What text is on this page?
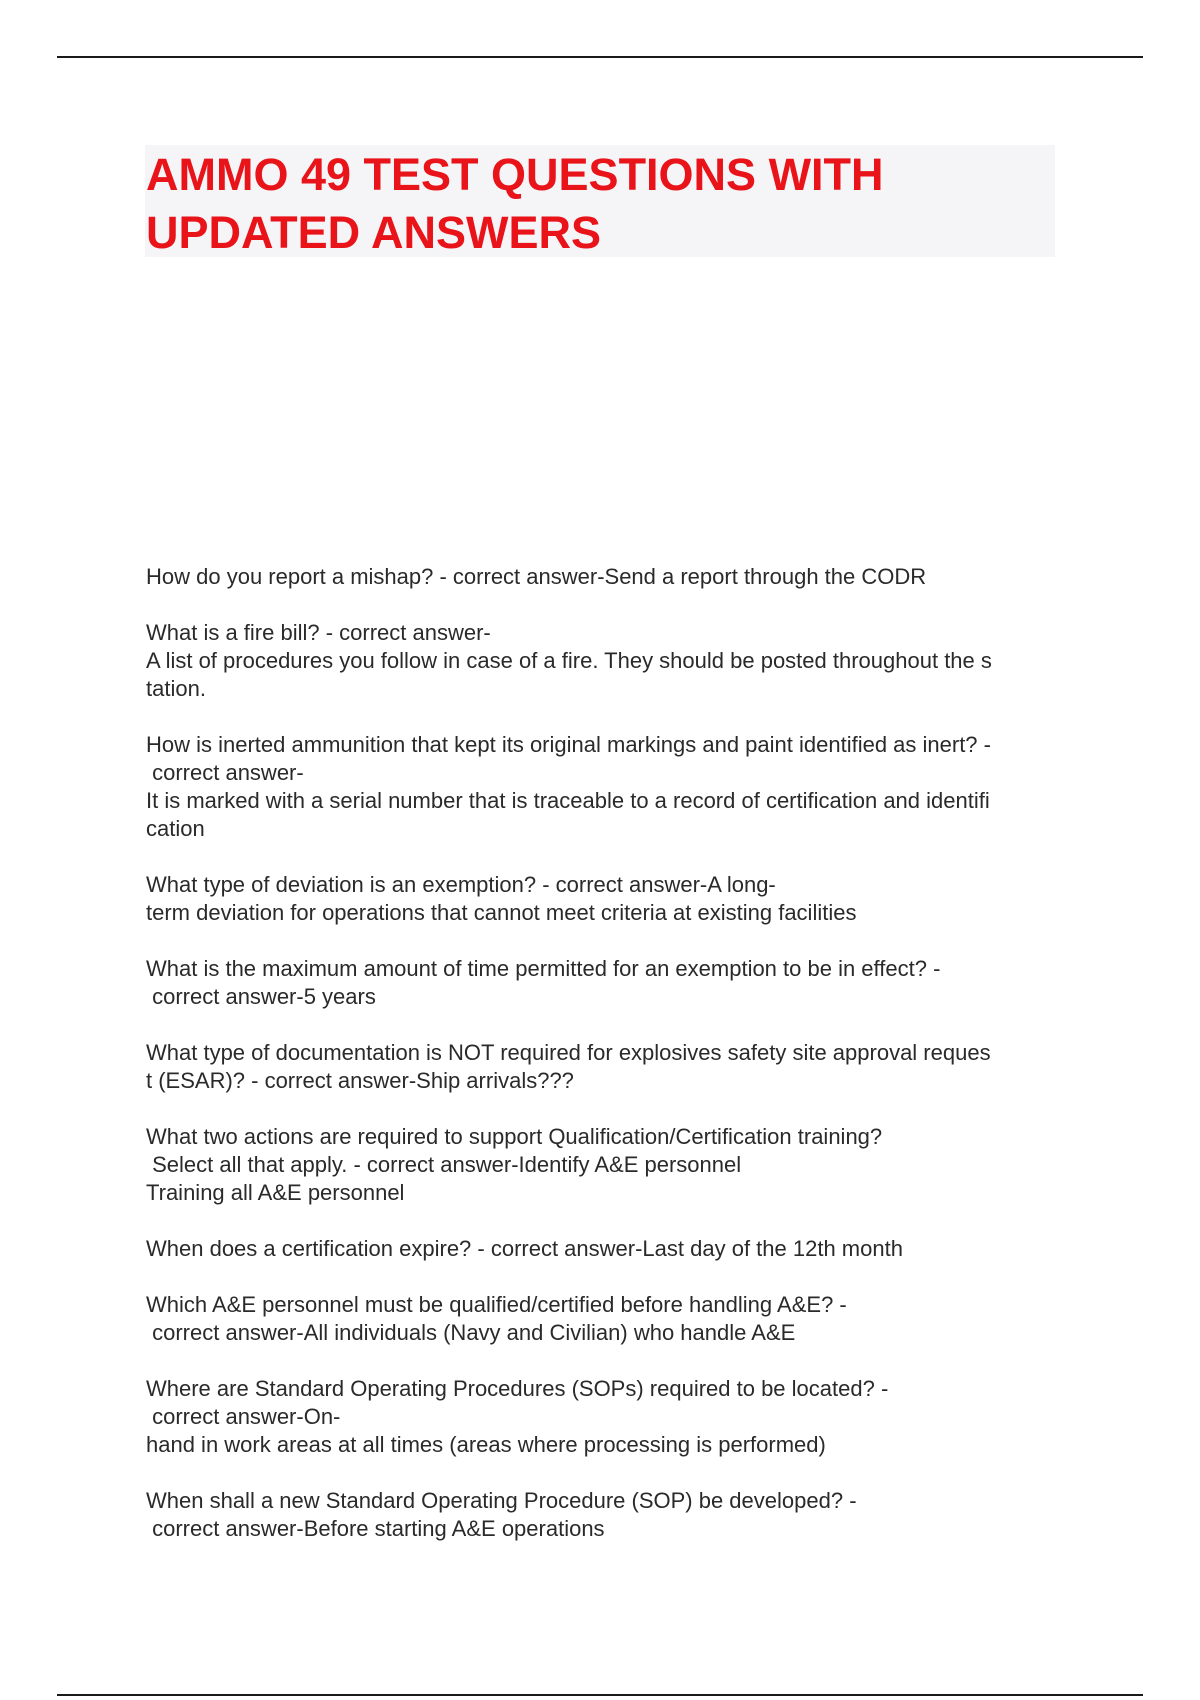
AMMO 49 TEST QUESTIONS WITH
UPDATED ANSWERS
How do you report a mishap? - correct answer-Send a report through the CODR
What is a fire bill? - correct answer-
A list of procedures you follow in case of a fire. They should be posted throughout the s
tation.
How is inerted ammunition that kept its original markings and paint identified as inert? -
correct answer-
It is marked with a serial number that is traceable to a record of certification and identifi
cation
What type of deviation is an exemption? - correct answer-A long-
term deviation for operations that cannot meet criteria at existing facilities
What is the maximum amount of time permitted for an exemption to be in effect? -
correct answer-5 years
What type of documentation is NOT required for explosives safety site approval reques
t (ESAR)? - correct answer-Ship arrivals???
What two actions are required to support Qualification/Certification training?
Select all that apply. - correct answer-Identify A&E personnel
Training all A&E personnel
When does a certification expire? - correct answer-Last day of the 12th month
Which A&E personnel must be qualified/certified before handling A&E? -
correct answer-All individuals (Navy and Civilian) who handle A&E
Where are Standard Operating Procedures (SOPs) required to be located? -
correct answer-On-
hand in work areas at all times (areas where processing is performed)
When shall a new Standard Operating Procedure (SOP) be developed? -
correct answer-Before starting A&E operations
